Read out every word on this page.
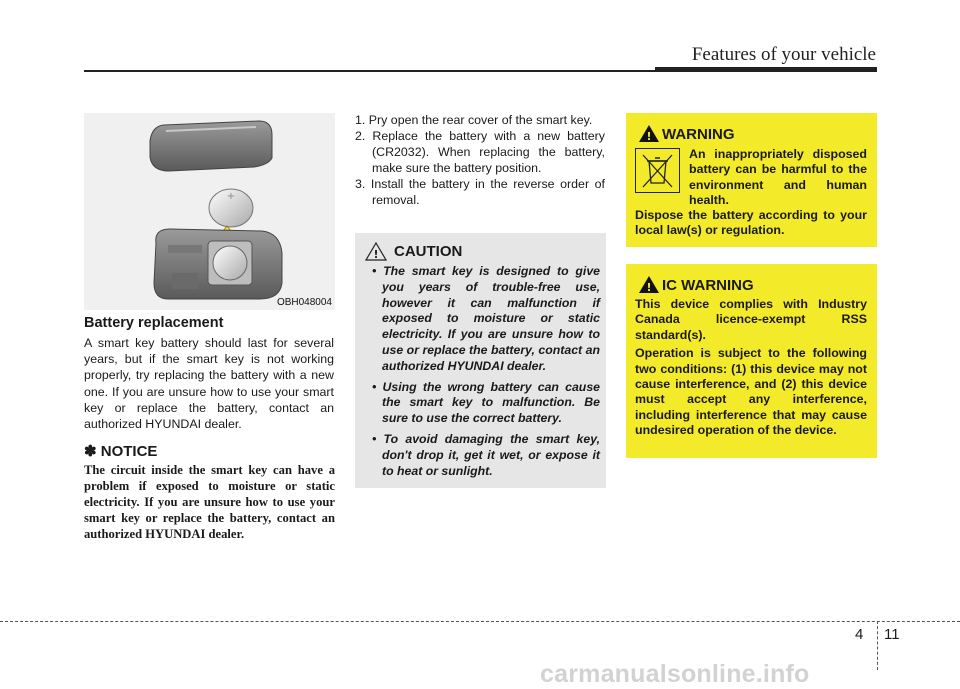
Features of your vehicle
+
OBH048004
Battery replacement
A smart key battery should last for several years, but if the smart key is not working properly, try replacing the battery with a new one. If you are unsure how to use your smart key or replace the battery, contact an authorized HYUNDAI dealer.
✽ NOTICE
The circuit inside the smart key can have a problem if exposed to moisture or static electricity. If you are unsure how to use your smart key or replace the battery, contact an authorized HYUNDAI dealer.
1. Pry open the rear cover of the smart key.
2. Replace the battery with a new battery (CR2032). When replacing the battery, make sure the battery position.
3. Install the battery in the reverse order of removal.
! CAUTION
• The smart key is designed to give you years of trouble-free use, however it can malfunction if exposed to moisture or static electricity. If you are unsure how to use or replace the battery, contact an authorized HYUNDAI dealer.
• Using the wrong battery can cause the smart key to malfunction. Be sure to use the correct battery.
• To avoid damaging the smart key, don't drop it, get it wet, or expose it to heat or sunlight.
! WARNING
An inappropriately disposed battery can be harmful to the environment and human health.
Dispose the battery according to your local law(s) or regulation.
! IC WARNING

This device complies with Industry Canada licence-exempt RSS standard(s).

Operation is subject to the following two conditions: (1) this device may not cause interference, and (2) this device must accept any interference, including interference that may cause undesired operation of the device.

4 11
carmanualsonline.info
